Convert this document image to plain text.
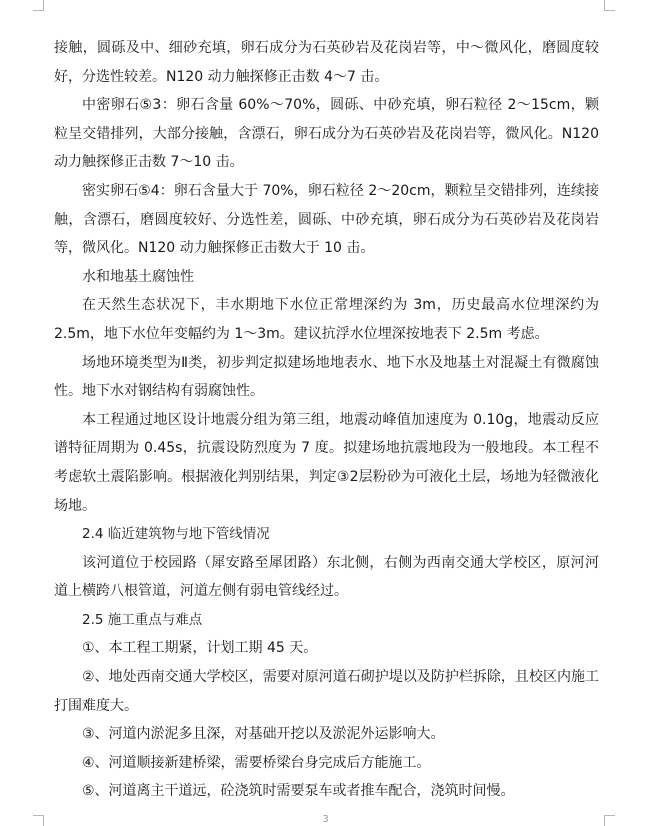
接触，圆砾及中、细砂充填，卵石成分为石英砂岩及花岗岩等，中～微风化，磨圆度较好，分选性较差。N120 动力触探修正击数 4～7 击。

中密卵石⑤3：卵石含量 60%～70%，圆砾、中砂充填，卵石粒径 2～15cm，颗粒呈交错排列，大部分接触，含漂石，卵石成分为石英砂岩及花岗岩等，微风化。N120 动力触探修正击数 7～10 击。

密实卵石⑤4：卵石含量大于 70%，卵石粒径 2～20cm，颗粒呈交错排列，连续接触，含漂石，磨圆度较好、分选性差，圆砾、中砂充填，卵石成分为石英砂岩及花岗岩等，微风化。N120 动力触探修正击数大于 10 击。

水和地基土腐蚀性

在天然生态状况下，丰水期地下水位正常埋深约为 3m，历史最高水位埋深约为 2.5m，地下水位年变幅约为 1～3m。建议抗浮水位埋深按地表下 2.5m 考虑。

场地环境类型为Ⅱ类，初步判定拟建场地地表水、地下水及地基土对混凝土有微腐蚀性。地下水对钢结构有弱腐蚀性。

本工程通过地区设计地震分组为第三组，地震动峰值加速度为 0.10g，地震动反应谱特征周期为 0.45s，抗震设防烈度为 7 度。拟建场地抗震地段为一般地段。本工程不考虑软土震陷影响。根据液化判别结果，判定③2层粉砂为可液化土层，场地为轻微液化场地。

2.4 临近建筑物与地下管线情况

该河道位于校园路（犀安路至犀团路）东北侧，右侧为西南交通大学校区，原河河道上横跨八根管道，河道左侧有弱电管线经过。

2.5 施工重点与难点

①、本工程工期紧，计划工期 45 天。

②、地处西南交通大学校区，需要对原河道石砌护堤以及防护栏拆除，且校区内施工打围难度大。

③、河道内淤泥多且深，对基础开挖以及淤泥外运影响大。

④、河道顺接新建桥梁，需要桥梁台身完成后方能施工。

⑤、河道离主干道远，砼浇筑时需要泵车或者推车配合，浇筑时间慢。

3
